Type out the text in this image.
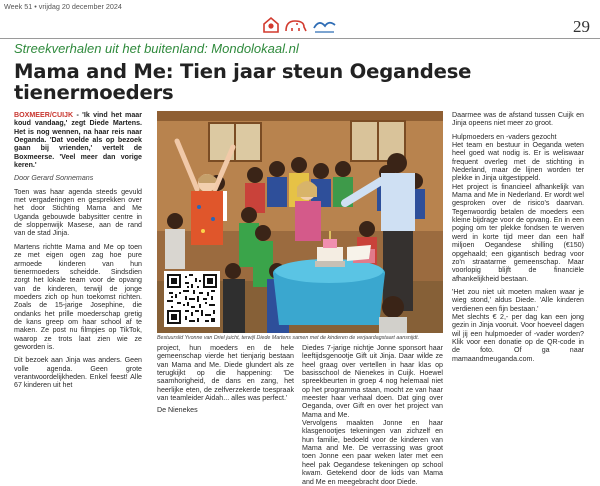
Week 51 • vrijdag 20 december 2024
29
Streekverhalen uit het buitenland: Mondolokaal.nl
Mama and Me: Tien jaar steun Oegandese tienermoeders

BOXMEER/CUIJK - 'Ik vind het maar koud vandaag,' zegt Diede Martens. Het is nog wennen, na haar reis naar Oeganda. 'Dat voelde als op bezoek gaan bij vrienden,' vertelt de Boxmeerse. 'Veel meer dan vorige keren.'

Door Gerard Sonnemans

Toen was haar agenda steeds gevuld met vergaderingen en gesprekken over het door Stichting Mama and Me Uganda gebouwde babysitter centre in de sloppenwijk Masese, aan de rand van de stad Jinja.

Martens richtte Mama and Me op toen ze met eigen ogen zag hoe pure armoede kinderen van hun tienermoeders scheidde. Sindsdien zorgt het lokale team voor de opvang van de kinderen, terwijl de jonge moeders zich op hun toekomst richten. Zoals de 15-jarige Josephine, die ondanks het prille moederschap gretig de kans greep om haar school af te maken. Ze post nu filmpjes op TikTok, waarop ze trots laat zien wie ze geworden is.

Dit bezoek aan Jinja was anders. Geen volle agenda. Geen grote verantwoordelijkheden. Enkel feest! Alle 67 kinderen uit het

Bestuurslid Yvonne van Driel juicht, terwijl Diede Martens samen met de kinderen de verjaardagstaart aansnijdt.

project, hun moeders en de hele gemeenschap vierde het tienjarig bestaan van Mama and Me. Diede glundert als ze terugkijkt op die happening: 'De saamhorigheid, de dans en zang, het heerlijke eten, de zelfverzekerde toespraak van teamleider Aidah... alles was perfect.'

De Nienekes

Diedes 7-jarige nichtje Jonne sponsort haar leeftijdsgenootje Gift uit Jinja. Daar wilde ze heel graag over vertellen in haar klas op basisschool de Nienekes in Cuijk. Hoewel spreekbeurten in groep 4 nog helemaal niet op het programma staan, mocht ze van haar meester haar verhaal doen. Dat ging over Oeganda, over Gift en over het project van Mama and Me.

Vervolgens maakten Jonne en haar klasgenootjes tekeningen van zichzelf en hun familie, bedoeld voor de kinderen van Mama and Me. De verrassing was groot toen Jonne een paar weken later met een heel pak Oegandese tekeningen op school kwam. Getekend door de kids van Mama and Me en meegebracht door Diede.

Daarmee was de afstand tussen Cuijk en Jinja opeens niet meer zo groot.

Hulpmoeders en -vaders gezocht
Het team en bestuur in Oeganda weten heel goed wat nodig is. Er is weliswaar frequent overleg met de stichting in Nederland, maar de lijnen worden ter plekke in Jinja uitgestippeld.
Het project is financieel afhankelijk van Mama and Me in Nederland. Er wordt wel gesproken over de risico's daarvan. Tegenwoordig betalen de moeders een kleine bijdrage voor de opvang. En in een poging om ter plekke fondsen te werven werd in korte tijd meer dan een half miljoen Oegandese shilling (€150) opgehaald; een gigantisch bedrag voor zo'n straatarme gemeenschap. Maar voorlopig blijft de financiële afhankelijkheid bestaan.

'Het zou niet uit moeten maken waar je wieg stond,' aldus Diede. 'Alle kinderen verdienen een fijn bestaan.'
Met slechts € 2,- per dag kan een jong gezin in Jinja vooruit. Voor hoeveel dagen wil jij een hulpmoeder of -vader worden? Klik voor een donatie op de QR-code in de foto. Of ga naar mamaandmeuganda.com.
